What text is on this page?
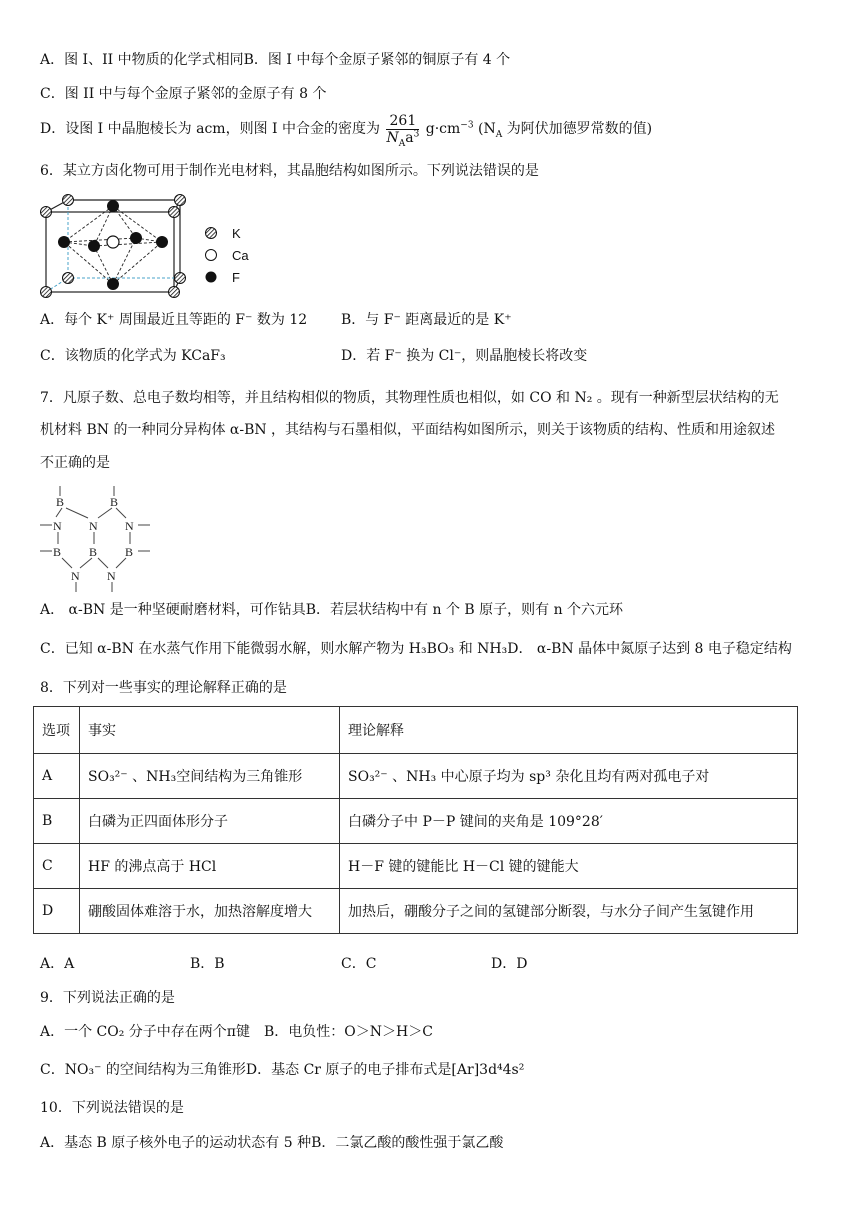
A．图 I、II 中物质的化学式相同B．图 I 中每个金原子紧邻的铜原子有 4 个
C．图 II 中与每个金原子紧邻的金原子有 8 个
D．设图 I 中晶胞棱长为 acm，则图 I 中合金的密度为 $\frac{261}{N_Aa^3} g\cdot cm^{-3}$ ($N_A$ 为阿伏加德罗常数的值)
6．某立方卤化物可用于制作光电材料，其晶胞结构如图所示。下列说法错误的是
K
Ca
F
A．每个 K⁺ 周围最近且等距的 F⁻ 数为 12 B．与 F⁻ 距离最近的是 K⁺
C．该物质的化学式为 KCaF₃	D．若 F⁻ 换为 Cl⁻，则晶胞棱长将改变
7．凡原子数、总电子数均相等，并且结构相似的物质，其物理性质也相似，如 CO 和 N₂ 。现有一种新型层状结构的无
机材料 BN 的一种同分异构体 α-BN ，其结构与石墨相似，平面结构如图所示，则关于该物质的结构、性质和用途叙述
不正确的是
B	B
N N N
B B B
N N
A． α-BN 是一种坚硬耐磨材料，可作钻具B．若层状结构中有 n 个 B 原子，则有 n 个六元环
C．已知 α-BN 在水蒸气作用下能微弱水解，则水解产物为 H₃BO₃ 和 NH₃D． α-BN 晶体中氮原子达到 8 电子稳定结构
8．下列对一些事实的理论解释正确的是
选项	事实	理论解释
A	SO₃²⁻ 、NH₃空间结构为三角锥形	SO₃²⁻ 、NH₃ 中心原子均为 sp³ 杂化且均有两对孤电子对
B	白磷为正四面体形分子	白磷分子中 P－P 键间的夹角是 109°28′
C	HF 的沸点高于 HCl	H－F 键的键能比 H－Cl 键的键能大
D	硼酸固体难溶于水，加热溶解度增大	加热后，硼酸分子之间的氢键部分断裂，与水分子间产生氢键作用
A．A	B．B	C．C	D．D
9．下列说法正确的是
A．一个 CO₂ 分子中存在两个π键　 B．电负性：O＞N＞H＞C
C．NO₃⁻ 的空间结构为三角锥形D．基态 Cr 原子的电子排布式是[Ar]3d⁴4s²
10．下列说法错误的是
A．基态 B 原子核外电子的运动状态有 5 种B．二氯乙酸的酸性强于氯乙酸
